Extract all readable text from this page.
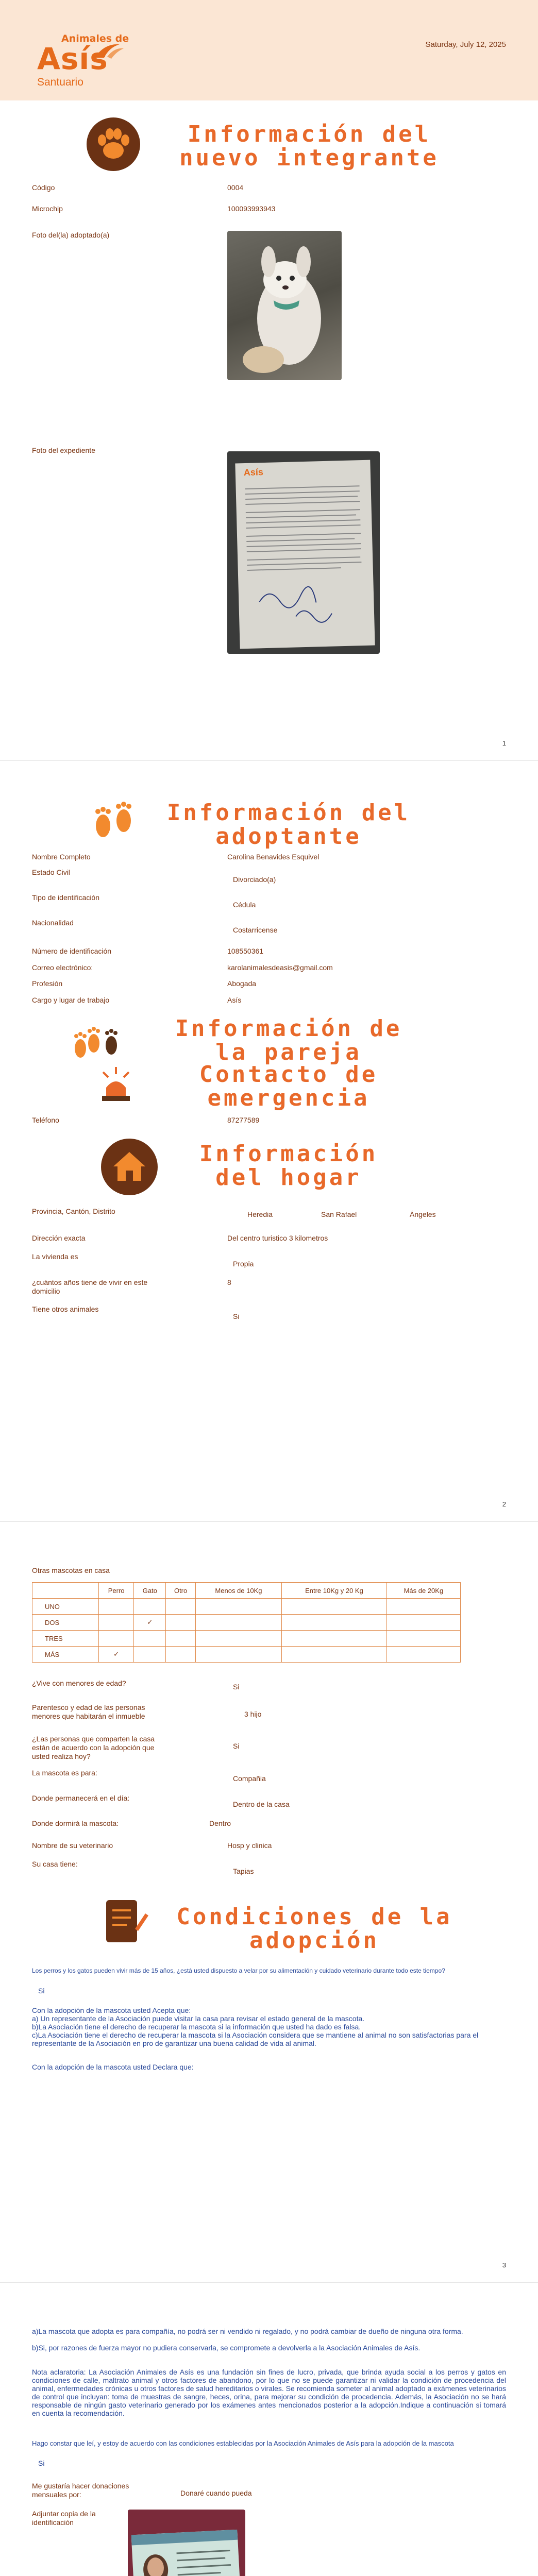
Animales de
Asís
Santuario
Saturday, July 12, 2025
Información del
nuevo integrante
Código	0004
Microchip	100093993943
Foto del(la) adoptado(a)
Foto del expediente
Asís
1
Información del
adoptante
Nombre Completo	Carolina Benavides Esquivel
Estado Civil
Divorciado(a)
Tipo de identificación
Cédula
Nacionalidad
Costarricense
Número de identificación	108550361
Correo electrónico:	karolanimalesdeasis@gmail.com
Profesión	Abogada
Cargo y lugar de trabajo	Asís
Información de
la pareja
Contacto de
emergencia
Teléfono	87277589
Información
del hogar
Provincia, Cantón, Distrito	Heredia	San Rafael	Ángeles
Dirección exacta	Del centro turistico 3 kilometros
La vivienda es
Propia
¿cuántos años tiene de vivir en este domicilio
8
Tiene otros animales
Si
2
Otras mascotas en casa
	Perro	Gato	Otro	Menos de 10Kg	Entre 10Kg y 20 Kg	Más de 20Kg
UNO						
DOS		✓				
TRES						
MÁS	✓					
¿Vive con menores de edad?	Si
Parentesco y edad de las personas menores que habitarán el inmueble	3 hijo
¿Las personas que comparten la casa están de acuerdo con la adopción que usted realiza hoy?
Si
La mascota es para:
Compañia
Donde permanecerá en el día:
Dentro de la casa
Donde dormirá la mascota:	Dentro
Nombre de su veterinario	Hosp y clinica
Su casa tiene:
Tapias
Condiciones de la
adopción
Los perros y los gatos pueden vivir más de 15 años, ¿está usted dispuesto a velar por su alimentación y cuidado veterinario durante todo este tiempo?
Si
Con la adopción de la mascota usted Acepta que:
a) Un representante de la Asociación puede visitar la casa para revisar el estado general de la mascota.
b)La Asociación tiene el derecho de recuperar la mascota si la información que usted ha dado es falsa.
c)La Asociación tiene el derecho de recuperar la mascota si la Asociación considera que se mantiene al animal no son satisfactorias para el representante de la Asociación en pro de garantizar una buena calidad de vida al animal.
Con la adopción de la mascota usted Declara que:
3
a)La mascota que adopta es para compañía, no podrá ser ni vendido ni regalado, y no podrá cambiar de dueño de ninguna otra forma.
b)Si, por razones de fuerza mayor no pudiera conservarla, se compromete a devolverla a la Asociación Animales de Asís.
Nota aclaratoria: La Asociación Animales de Asís es una fundación sin fines de lucro, privada, que brinda ayuda social a los perros y gatos en condiciones de calle, maltrato animal y otros factores de abandono, por lo que no se puede garantizar ni validar la condición de procedencia del animal, enfermedades crónicas u otros factores de salud hereditarios o virales. Se recomienda someter al animal adoptado a exámenes veterinarios de control que incluyan: toma de muestras de sangre, heces, orina, para mejorar su condición de procedencia. Además, la Asociación no se hará responsable de ningún gasto veterinario generado por los exámenes antes mencionados posterior a la adopción.Indique a continuación si tomará en cuenta la recomendación.
Hago constar que leí, y estoy de acuerdo con las condiciones establecidas por la Asociación Animales de Asís para la adopción de la mascota
Si
Me gustaría hacer donaciones mensuales por:	Donaré cuando pueda
Adjuntar copia de la identificación
